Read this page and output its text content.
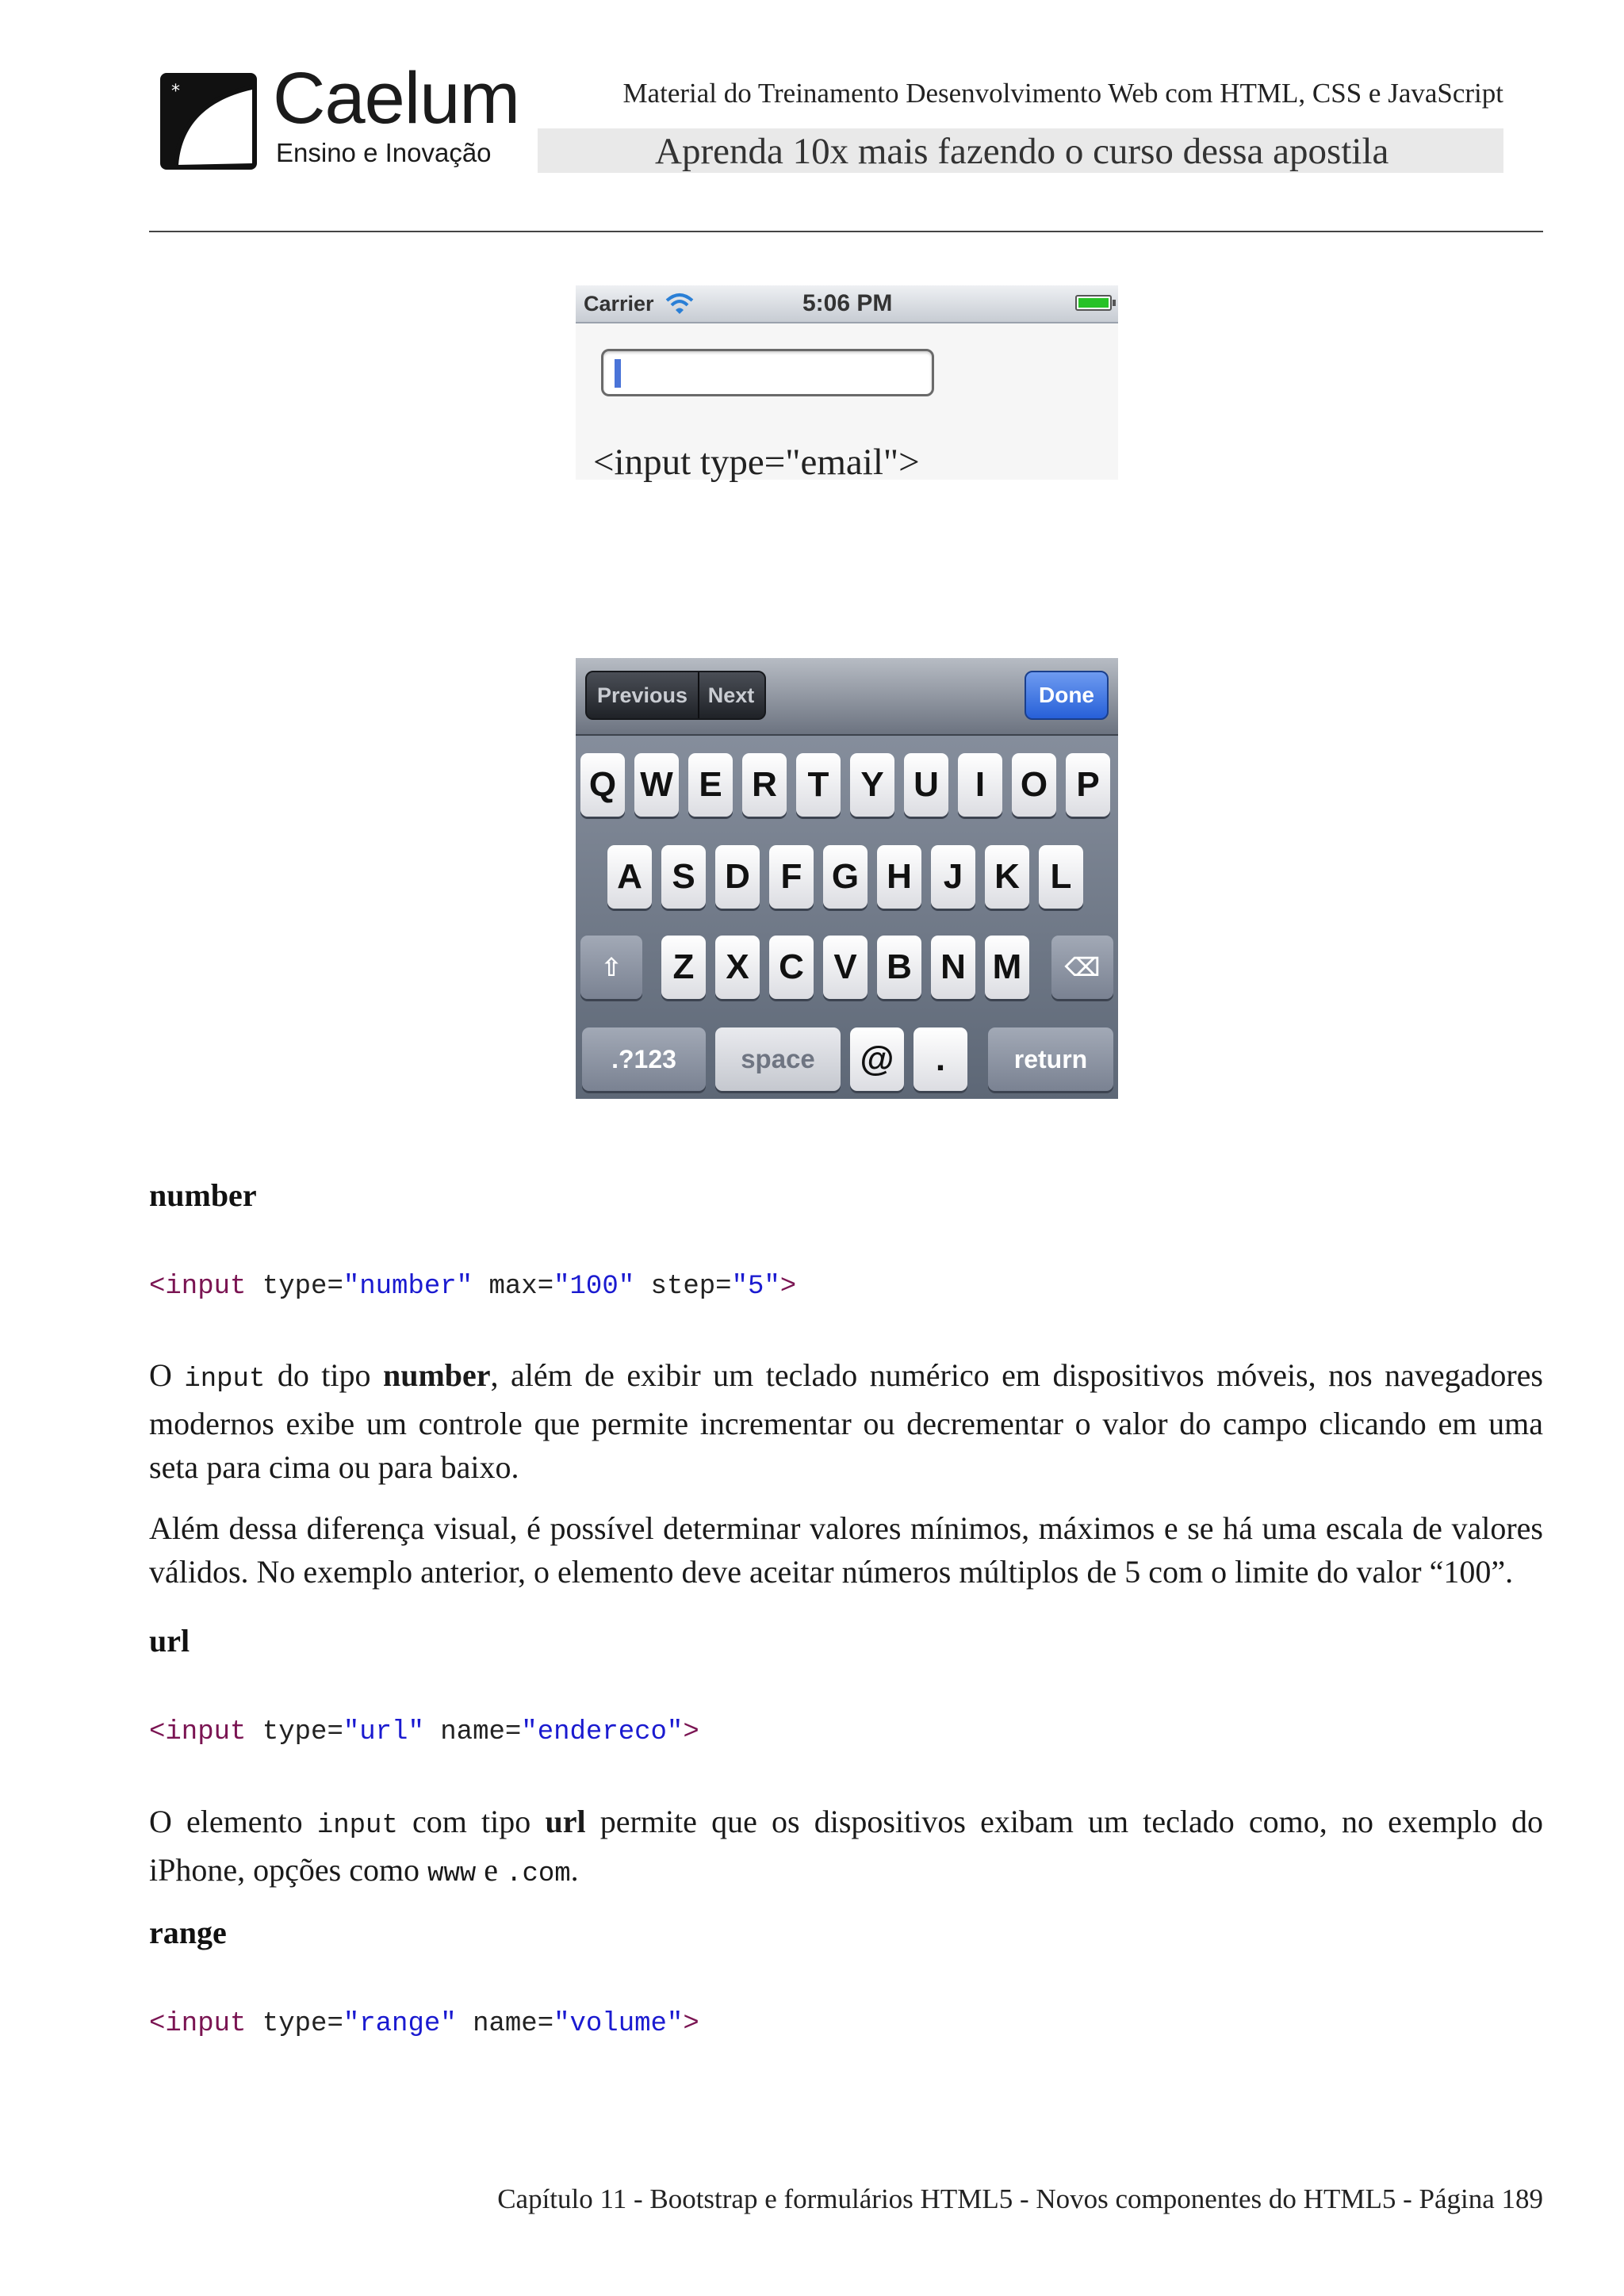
* Caelum
Ensino e Inovação
Material do Treinamento Desenvolvimento Web com HTML, CSS e JavaScript
Aprenda 10x mais fazendo o curso dessa apostila
Carrier	5:06 PM
<input type="email">
Previous Next	Done
Q W E R T Y U	I	O P
A S D F G H J K L
⇧	Z X C V B N M	⌫
.?123	space	@	.	return
number
<input type="number" max="100" step="5">
O input do tipo number, além de exibir um teclado numérico em dispositivos móveis, nos navegadores modernos exibe um controle que permite incrementar ou decrementar o valor do campo clicando em uma seta para cima ou para baixo.
Além dessa diferença visual, é possível determinar valores mínimos, máximos e se há uma escala de valores válidos. No exemplo anterior, o elemento deve aceitar números múltiplos de 5 com o limite do valor “100”.
url
<input type="url" name="endereco">
O elemento input com tipo url permite que os dispositivos exibam um teclado como, no exemplo do iPhone, opções como www e .com.
range
<input type="range" name="volume">
Capítulo 11 - Bootstrap e formulários HTML5 - Novos componentes do HTML5 - Página 189
